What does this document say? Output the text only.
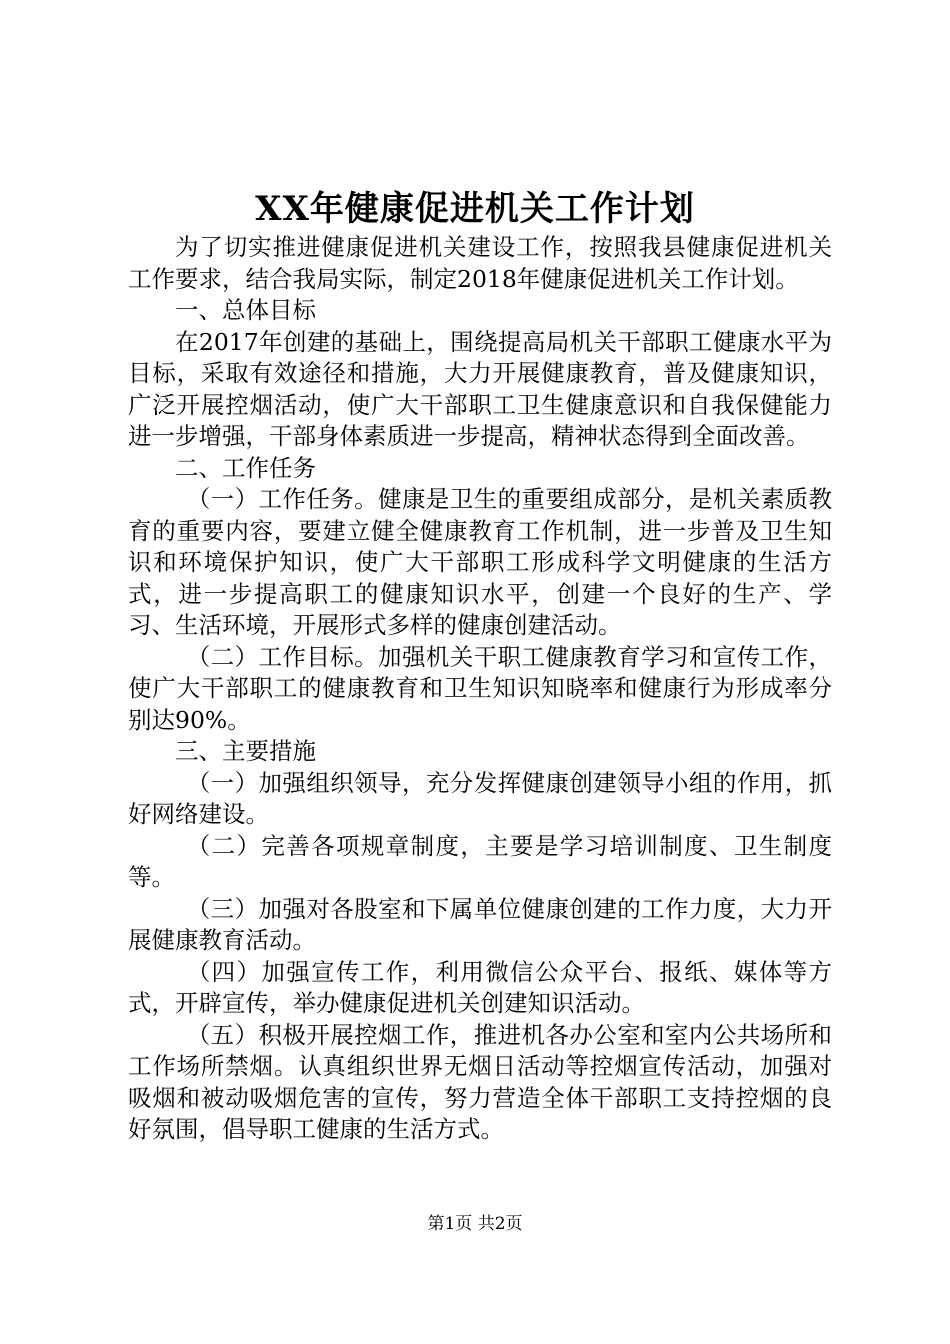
XX年健康促进机关工作计划

为了切实推进健康促进机关建设工作，按照我县健康促进机关工作要求，结合我局实际，制定2018年健康促进机关工作计划。

一、总体目标

在2017年创建的基础上，围绕提高局机关干部职工健康水平为目标，采取有效途径和措施，大力开展健康教育，普及健康知识，广泛开展控烟活动，使广大干部职工卫生健康意识和自我保健能力进一步增强，干部身体素质进一步提高，精神状态得到全面改善。

二、工作任务

（一）工作任务。健康是卫生的重要组成部分，是机关素质教育的重要内容，要建立健全健康教育工作机制，进一步普及卫生知识和环境保护知识，使广大干部职工形成科学文明健康的生活方式，进一步提高职工的健康知识水平，创建一个良好的生产、学习、生活环境，开展形式多样的健康创建活动。

（二）工作目标。加强机关干职工健康教育学习和宣传工作，使广大干部职工的健康教育和卫生知识知晓率和健康行为形成率分别达90%。

三、主要措施

（一）加强组织领导，充分发挥健康创建领导小组的作用，抓好网络建设。

（二）完善各项规章制度，主要是学习培训制度、卫生制度等。

（三）加强对各股室和下属单位健康创建的工作力度，大力开展健康教育活动。

（四）加强宣传工作，利用微信公众平台、报纸、媒体等方式，开辟宣传，举办健康促进机关创建知识活动。

（五）积极开展控烟工作，推进机各办公室和室内公共场所和工作场所禁烟。认真组织世界无烟日活动等控烟宣传活动，加强对吸烟和被动吸烟危害的宣传，努力营造全体干部职工支持控烟的良好氛围，倡导职工健康的生活方式。

第1页 共2页
